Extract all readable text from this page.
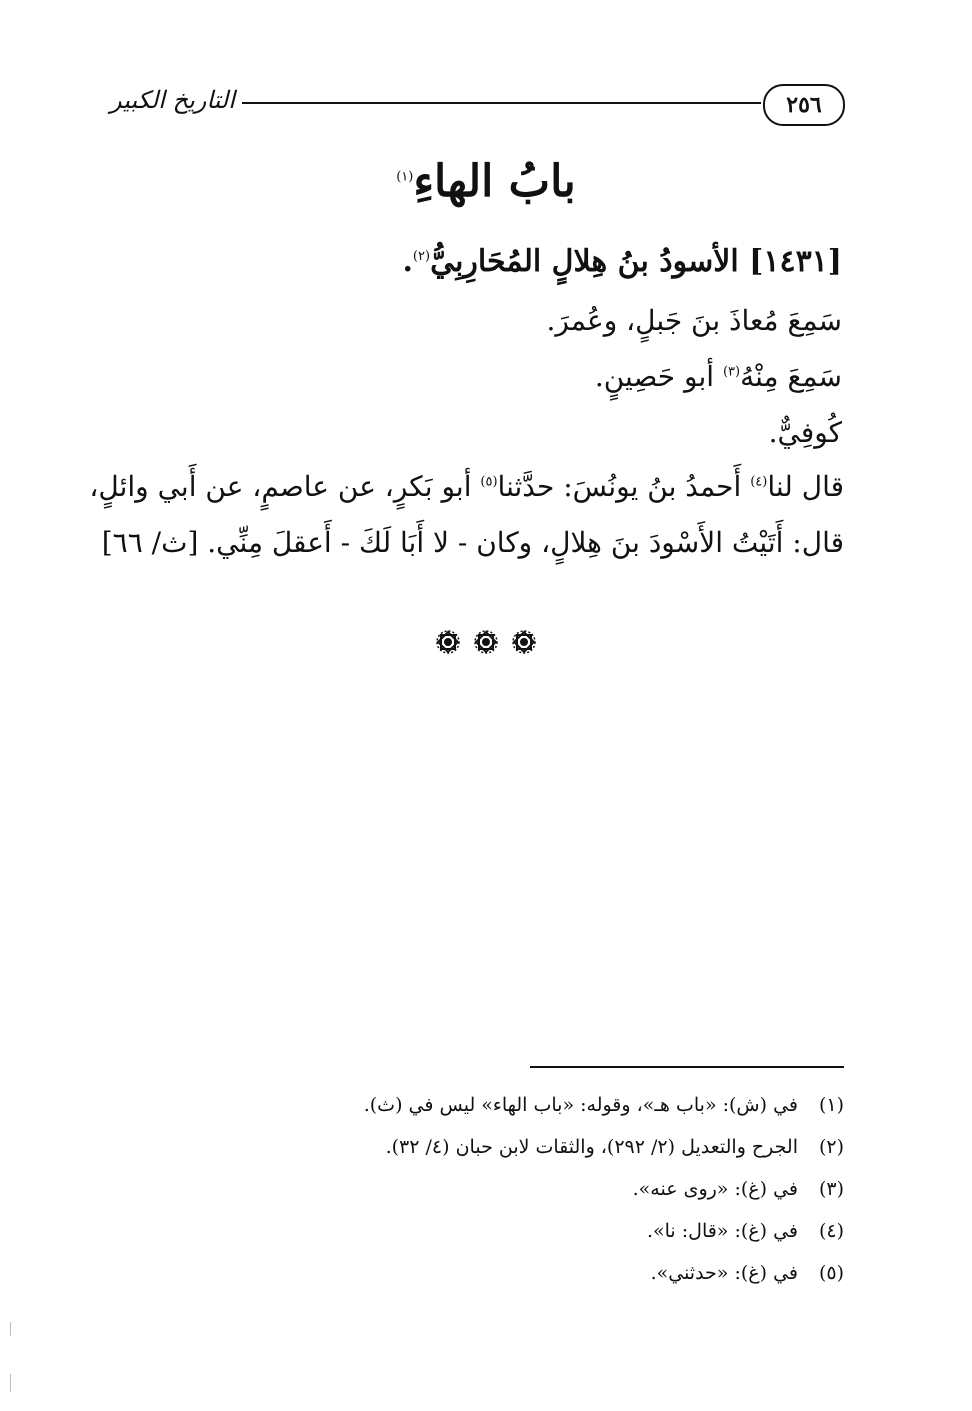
٢٥٦
التاريخ الكبير
بابُ الهاءِ$^{(١)}$
[١٤٣١] الأسودُ بنُ هِلالٍ المُحَارِبِيُّ$^{(٢)}$.
سَمِعَ مُعاذَ بنَ جَبلٍ، وعُمرَ.
سَمِعَ مِنْهُ$^{(٣)}$ أبو حَصِينٍ.
كُوفِيٌّ.
قال لنا$^{(٤)}$ أَحمدُ بنُ يونُسَ: حدَّثنا$^{(٥)}$ أبو بَكرٍ، عن عاصمٍ، عن أَبي وائلٍ،
قال: أَتَيْتُ الأَسْودَ بنَ هِلالٍ، وكان - لا أَبَا لَكَ - أَعقلَ مِنِّي. [ث/ ٦٦]
(١)في (ش): «باب هـ»، وقوله: «باب الهاء» ليس في (ث).
(٢)الجرح والتعديل (٢/ ٢٩٢)، والثقات لابن حبان (٤/ ٣٢).
(٣)في (غ): «روى عنه».
(٤)في (غ): «قال: نا».
(٥)في (غ): «حدثني».
